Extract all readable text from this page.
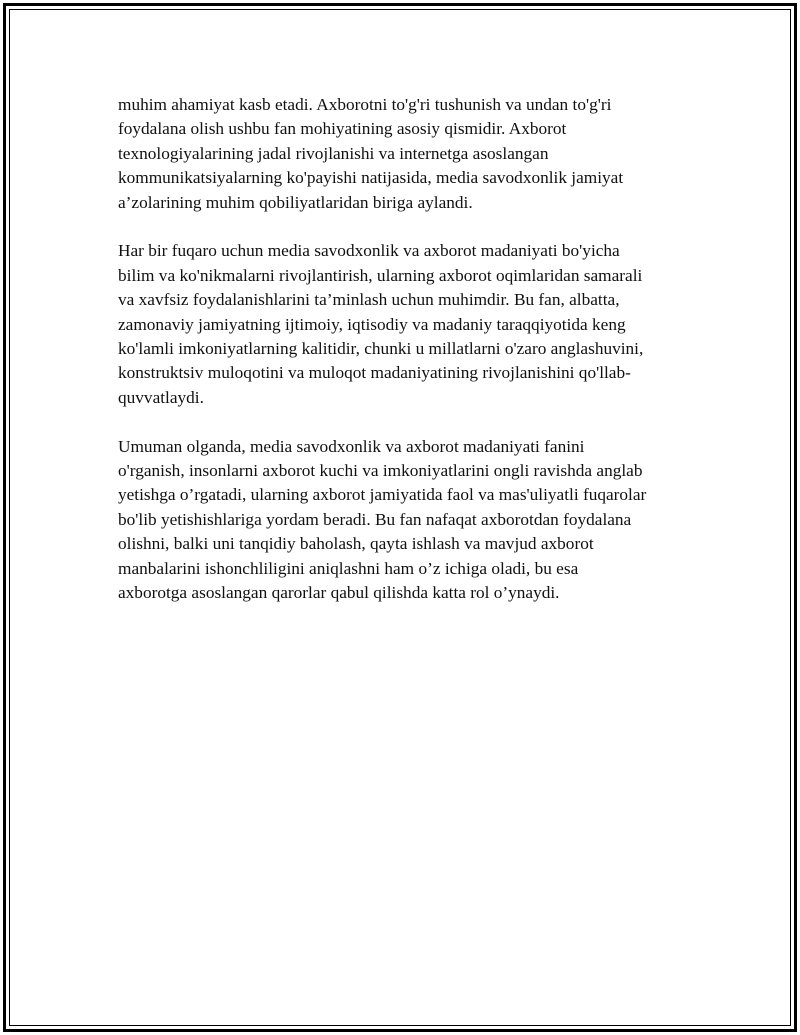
muhim ahamiyat kasb etadi. Axborotni to'g'ri tushunish va undan to'g'ri
foydalana olish ushbu fan mohiyatining asosiy qismidir. Axborot
texnologiyalarining jadal rivojlanishi va internetga asoslangan
kommunikatsiyalarning ko'payishi natijasida, media savodxonlik jamiyat
a’zolarining muhim qobiliyatlaridan biriga aylandi.

Har bir fuqaro uchun media savodxonlik va axborot madaniyati bo'yicha
bilim va ko'nikmalarni rivojlantirish, ularning axborot oqimlaridan samarali
va xavfsiz foydalanishlarini ta’minlash uchun muhimdir. Bu fan, albatta,
zamonaviy jamiyatning ijtimoiy, iqtisodiy va madaniy taraqqiyotida keng
ko'lamli imkoniyatlarning kalitidir, chunki u millatlarni o'zaro anglashuvini,
konstruktsiv muloqotini va muloqot madaniyatining rivojlanishini qo'llab-
quvvatlaydi.

Umuman olganda, media savodxonlik va axborot madaniyati fanini
o'rganish, insonlarni axborot kuchi va imkoniyatlarini ongli ravishda anglab
yetishga o’rgatadi, ularning axborot jamiyatida faol va mas'uliyatli fuqarolar
bo'lib yetishishlariga yordam beradi. Bu fan nafaqat axborotdan foydalana
olishni, balki uni tanqidiy baholash, qayta ishlash va mavjud axborot
manbalarini ishonchliligini aniqlashni ham o’z ichiga oladi, bu esa
axborotga asoslangan qarorlar qabul qilishda katta rol o’ynaydi.
